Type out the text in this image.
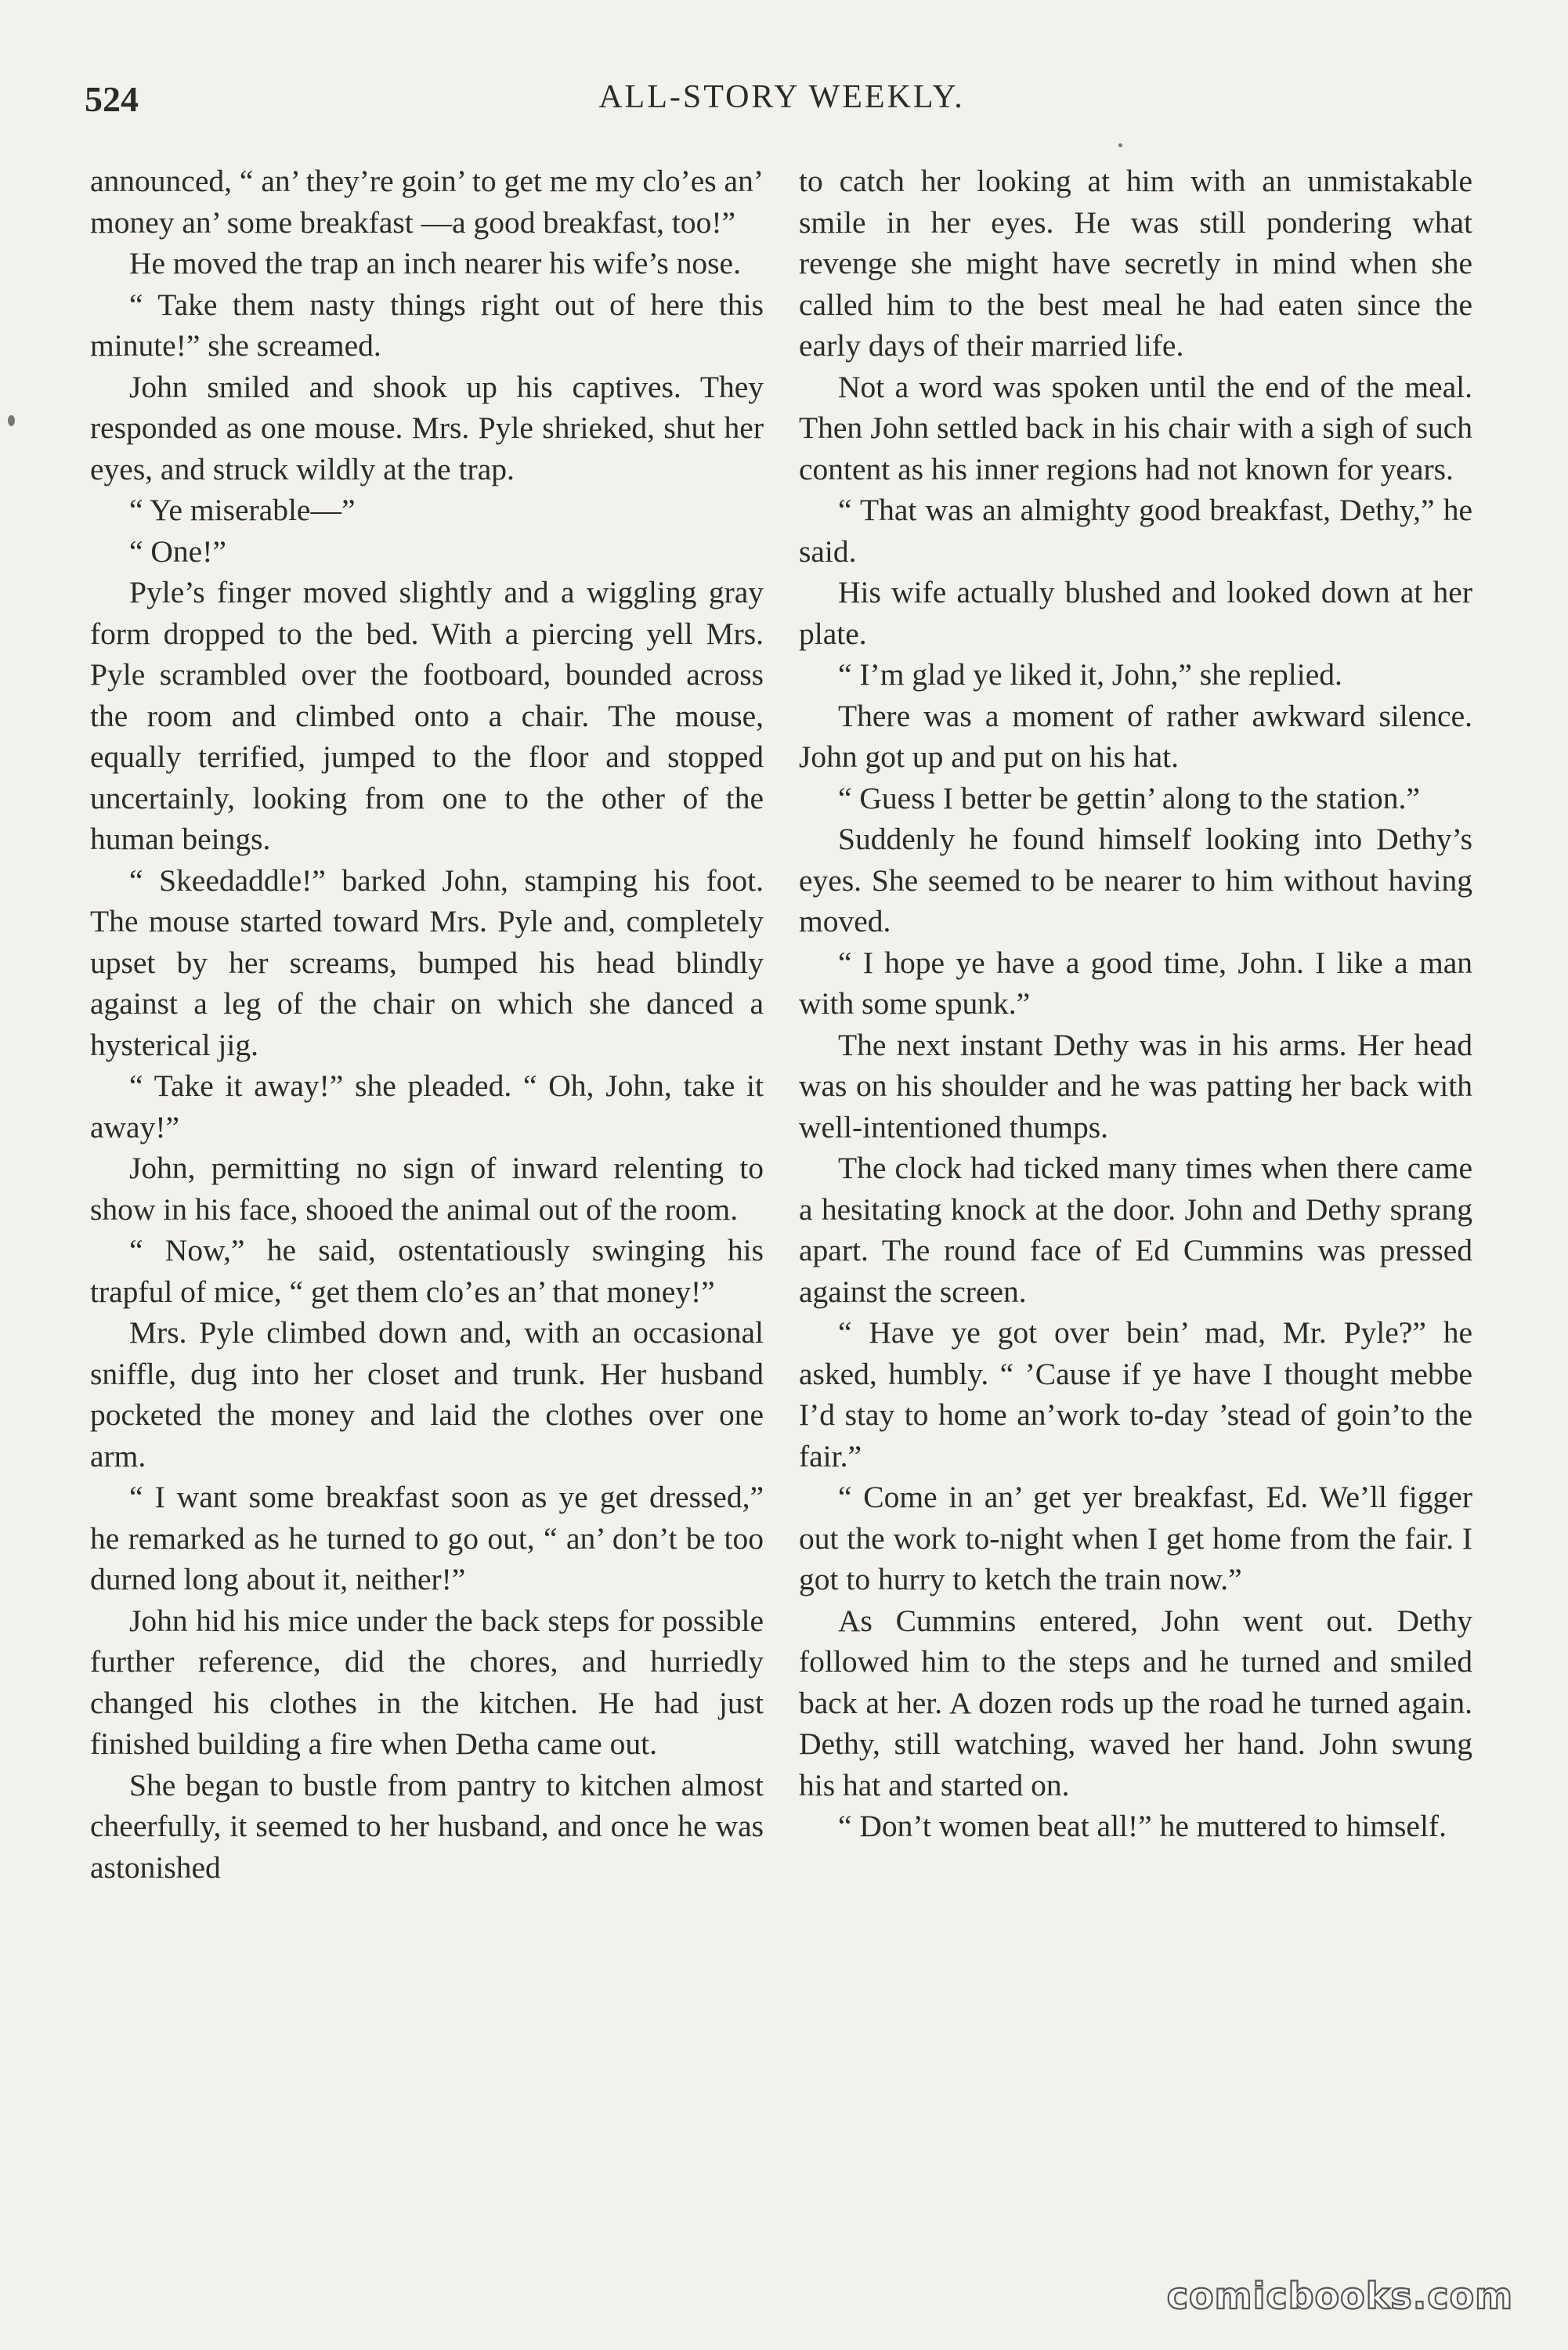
524	ALL-STORY WEEKLY.

announced, “ an’ they’re goin’ to get me my clo’es an’ money an’ some breakfast —a good breakfast, too!”

He moved the trap an inch nearer his wife’s nose.

“ Take them nasty things right out of here this minute!” she screamed.

John smiled and shook up his captives. They responded as one mouse. Mrs. Pyle shrieked, shut her eyes, and struck wildly at the trap.

“ Ye miserable—”

“ One!”

Pyle’s finger moved slightly and a wiggling gray form dropped to the bed. With a piercing yell Mrs. Pyle scrambled over the footboard, bounded across the room and climbed onto a chair. The mouse, equally terrified, jumped to the floor and stopped uncertainly, looking from one to the other of the human beings.

“ Skeedaddle!” barked John, stamping his foot. The mouse started toward Mrs. Pyle and, completely upset by her screams, bumped his head blindly against a leg of the chair on which she danced a hysterical jig.

“ Take it away!” she pleaded. “ Oh, John, take it away!”

John, permitting no sign of inward relenting to show in his face, shooed the animal out of the room.

“ Now,” he said, ostentatiously swinging his trapful of mice, “ get them clo’es an’ that money!”

Mrs. Pyle climbed down and, with an occasional sniffle, dug into her closet and trunk. Her husband pocketed the money and laid the clothes over one arm.

“ I want some breakfast soon as ye get dressed,” he remarked as he turned to go out, “ an’ don’t be too durned long about it, neither!”

John hid his mice under the back steps for possible further reference, did the chores, and hurriedly changed his clothes in the kitchen. He had just finished building a fire when Detha came out.

She began to bustle from pantry to kitchen almost cheerfully, it seemed to her husband, and once he was astonished

to catch her looking at him with an unmistakable smile in her eyes. He was still pondering what revenge she might have secretly in mind when she called him to the best meal he had eaten since the early days of their married life.

Not a word was spoken until the end of the meal. Then John settled back in his chair with a sigh of such content as his inner regions had not known for years.

“ That was an almighty good breakfast, Dethy,” he said.

His wife actually blushed and looked down at her plate.

“ I’m glad ye liked it, John,” she replied.

There was a moment of rather awkward silence. John got up and put on his hat.

“ Guess I better be gettin’ along to the station.”

Suddenly he found himself looking into Dethy’s eyes. She seemed to be nearer to him without having moved.

“ I hope ye have a good time, John. I like a man with some spunk.”

The next instant Dethy was in his arms. Her head was on his shoulder and he was patting her back with well-intentioned thumps.

The clock had ticked many times when there came a hesitating knock at the door. John and Dethy sprang apart. The round face of Ed Cummins was pressed against the screen.

“ Have ye got over bein’ mad, Mr. Pyle?” he asked, humbly. “ ’Cause if ye have I thought mebbe I’d stay to home an’work to-day ’stead of goin’to the fair.”

“ Come in an’ get yer breakfast, Ed. We’ll figger out the work to-night when I get home from the fair. I got to hurry to ketch the train now.”

As Cummins entered, John went out. Dethy followed him to the steps and he turned and smiled back at her. A dozen rods up the road he turned again. Dethy, still watching, waved her hand. John swung his hat and started on.

“ Don’t women beat all!” he muttered to himself.

comicbooks.com
